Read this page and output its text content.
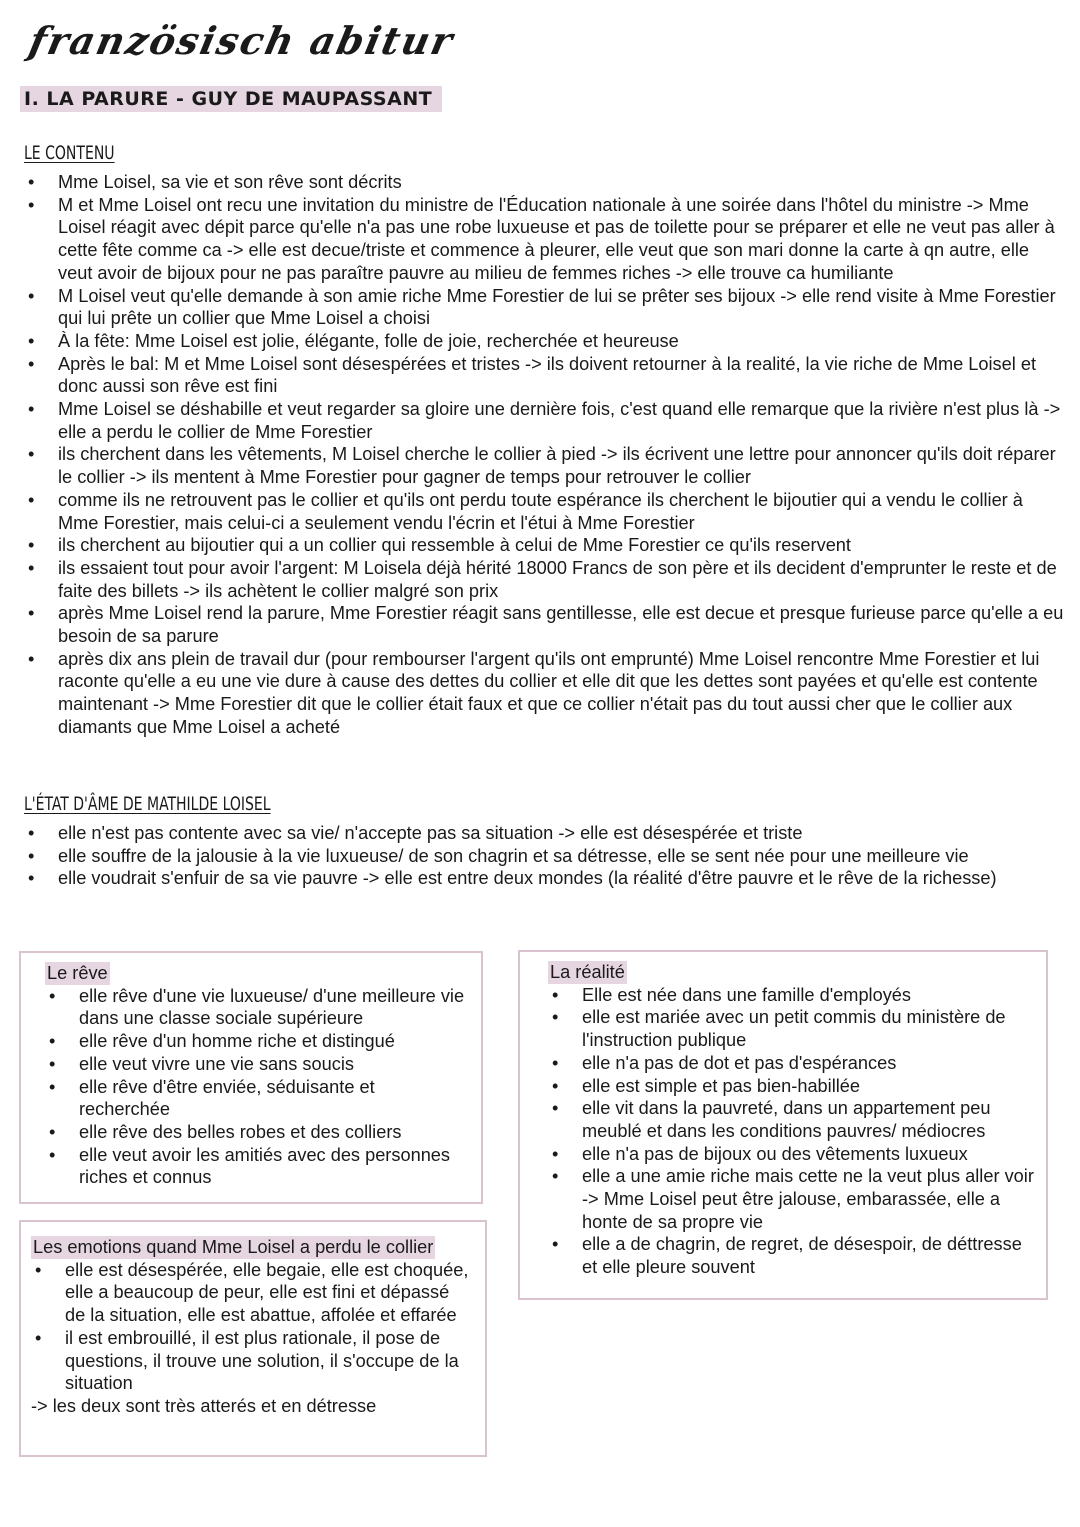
französisch abitur
I. LA PARURE - GUY DE MAUPASSANT
LE CONTENU
• Mme Loisel, sa vie et son rêve sont décrits
• M et Mme Loisel ont recu une invitation du ministre de l'Éducation nationale à une soirée dans l'hôtel du ministre -> Mme Loisel réagit avec dépit parce qu'elle n'a pas une robe luxueuse et pas de toilette pour se préparer et elle ne veut pas aller à cette fête comme ca -> elle est decue/triste et commence à pleurer, elle veut que son mari donne la carte à qn autre, elle veut avoir de bijoux pour ne pas paraître pauvre au milieu de femmes riches -> elle trouve ca humiliante
• M Loisel veut qu'elle demande à son amie riche Mme Forestier de lui se prêter ses bijoux -> elle rend visite à Mme Forestier qui lui prête un collier que Mme Loisel a choisi
• À la fête: Mme Loisel est jolie, élégante, folle de joie, recherchée et heureuse
• Après le bal: M et Mme Loisel sont désespérées et tristes -> ils doivent retourner à la realité, la vie riche de Mme Loisel et donc aussi son rêve est fini
• Mme Loisel se déshabille et veut regarder sa gloire une dernière fois, c'est quand elle remarque que la rivière n'est plus là -> elle a perdu le collier de Mme Forestier
• ils cherchent dans les vêtements, M Loisel cherche le collier à pied -> ils écrivent une lettre pour annoncer qu'ils doit réparer le collier -> ils mentent à Mme Forestier pour gagner de temps pour retrouver le collier
• comme ils ne retrouvent pas le collier et qu'ils ont perdu toute espérance ils cherchent le bijoutier qui a vendu le collier à Mme Forestier, mais celui-ci a seulement vendu l'écrin et l'étui à Mme Forestier
• ils cherchent au bijoutier qui a un collier qui ressemble à celui de Mme Forestier ce qu'ils reservent
• ils essaient tout pour avoir l'argent: M Loisela déjà hérité 18000 Francs de son père et ils decident d'emprunter le reste et de faite des billets -> ils achètent le collier malgré son prix
• après Mme Loisel rend la parure, Mme Forestier réagit sans gentillesse, elle est decue et presque furieuse parce qu'elle a eu besoin de sa parure
• après dix ans plein de travail dur (pour rembourser l'argent qu'ils ont emprunté) Mme Loisel rencontre Mme Forestier et lui raconte qu'elle a eu une vie dure à cause des dettes du collier et elle dit que les dettes sont payées et qu'elle est contente maintenant -> Mme Forestier dit que le collier était faux et que ce collier n'était pas du tout aussi cher que le collier aux diamants que Mme Loisel a acheté
L'ÉTAT D'ÂME DE MATHILDE LOISEL
• elle n'est pas contente avec sa vie/ n'accepte pas sa situation -> elle est désespérée et triste
• elle souffre de la jalousie à la vie luxueuse/ de son chagrin et sa détresse, elle se sent née pour une meilleure vie
• elle voudrait s'enfuir de sa vie pauvre -> elle est entre deux mondes (la réalité d'être pauvre et le rêve de la richesse)
Le rêve
• elle rêve d'une vie luxueuse/ d'une meilleure vie dans une classe sociale supérieure
• elle rêve d'un homme riche et distingué
• elle veut vivre une vie sans soucis
• elle rêve d'être enviée, séduisante et recherchée
• elle rêve des belles robes et des colliers
• elle veut avoir les amitiés avec des personnes riches et connus
Les emotions quand Mme Loisel a perdu le collier
• elle est désespérée, elle begaie, elle est choquée, elle a beaucoup de peur, elle est fini et dépassé de la situation, elle est abattue, affolée et effarée
• il est embrouillé, il est plus rationale, il pose de questions, il trouve une solution, il s'occupe de la situation
-> les deux sont très atterés et en détresse
La réalité
• Elle est née dans une famille d'employés
• elle est mariée avec un petit commis du ministère de l'instruction publique
• elle n'a pas de dot et pas d'espérances
• elle est simple et pas bien-habillée
• elle vit dans la pauvreté, dans un appartement peu meublé et dans les conditions pauvres/ médiocres
• elle n'a pas de bijoux ou des vêtements luxueux
• elle a une amie riche mais cette ne la veut plus aller voir -> Mme Loisel peut être jalouse, embarassée, elle a honte de sa propre vie
• elle a de chagrin, de regret, de désespoir, de déttresse et elle pleure souvent
